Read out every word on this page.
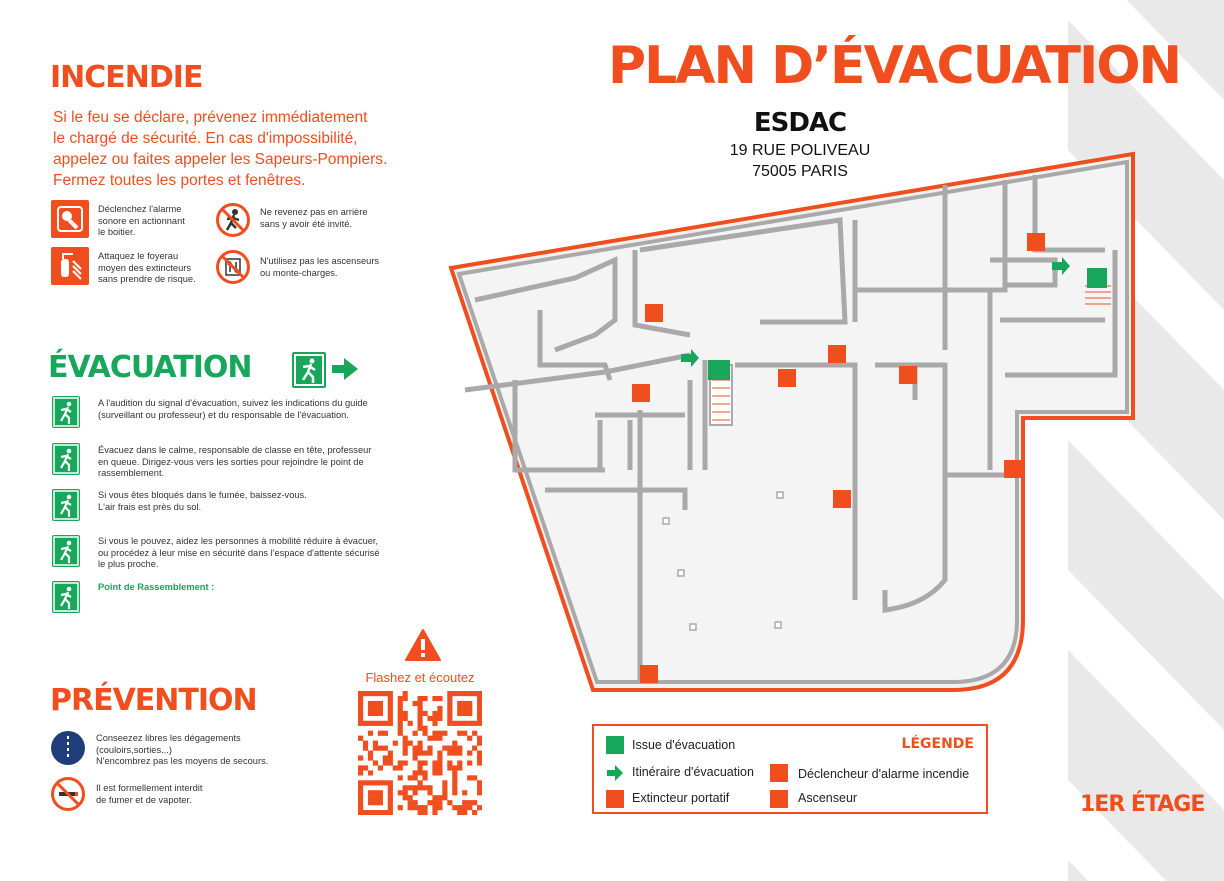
INCENDIE
Si le feu se déclare, prévenez immédiatement
le chargé de sécurité. En cas d'impossibilité,
appelez ou faites appeler les Sapeurs-Pompiers.
Fermez toutes les portes et fenêtres.
Déclenchez l'alarme
sonore en actionnant
le boitier.
Attaquez le foyerau
moyen des extincteurs
sans prendre de risque.
Ne revenez pas en arrière
sans y avoir été invité.
N'utilisez pas les ascenseurs
ou monte-charges.
ÉVACUATION
A l'audition du signal d'évacuation, suivez les indications du guide
(surveillant ou professeur) et du responsable de l'évacuation.
Évacuez dans le calme, responsable de classe en tête, professeur
en queue. Dirigez-vous vers les sorties pour rejoindre le point de
rassemblement.
Si vous êtes bloqués dans le fumée, baissez-vous.
L'air frais est près du sol.
Si vous le pouvez, aidez les personnes à mobilité réduire à évacuer,
ou procédez à leur mise en sécurité dans l'espace d'attente sécurisé
le plus proche.
Point de Rassemblement :
PRÉVENTION
Conseezez libres les dégagements
(couloirs,sorties...)
N'encombrez pas les moyens de secours.
Il est formellement interdit
de fumer et de vapoter.
Flashez et écoutez
PLAN D’ÉVACUATION
ESDAC
19 RUE POLIVEAU
75005 PARIS
LÉGENDE
Issue d'évacuation
Itinéraire d'évacuation
Extincteur portatif
Déclencheur d'alarme incendie
Ascenseur	1ER ÉTAGE
